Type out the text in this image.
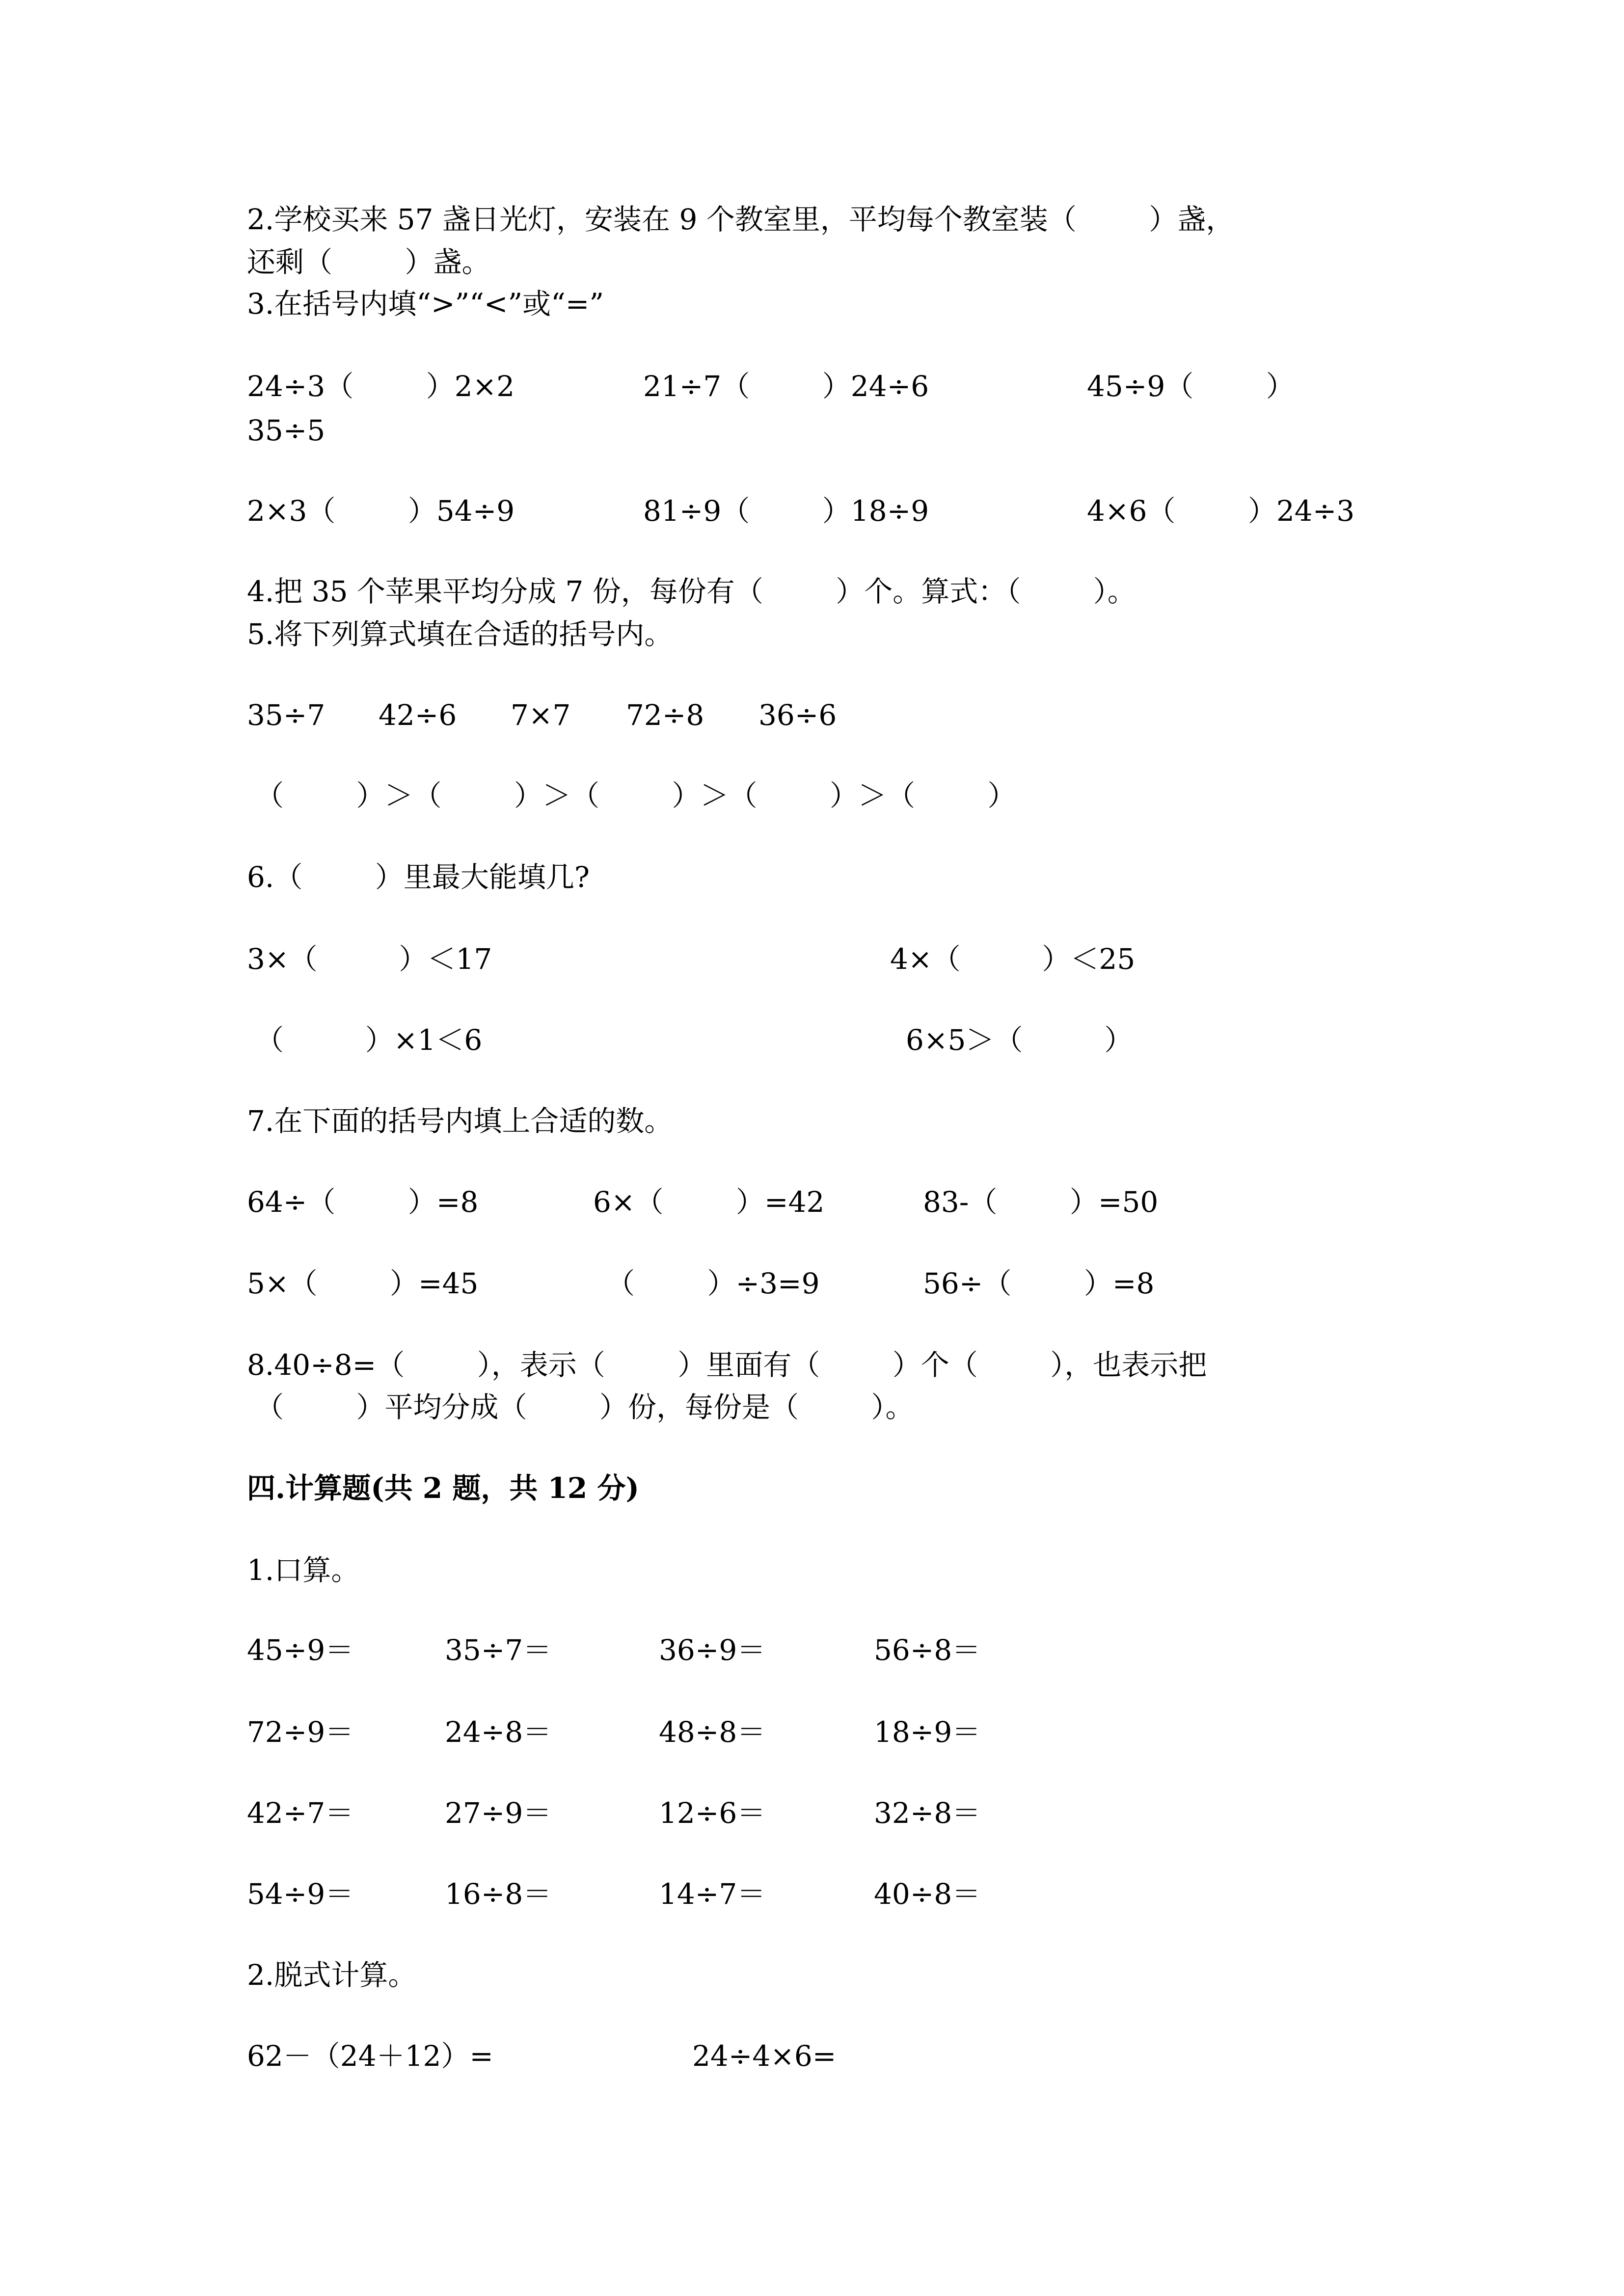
2.学校买来 57 盏日光灯，安装在 9 个教室里，平均每个教室装（        ）盏，
还剩（        ）盏。
3.在括号内填“>”“<”或“=”
24÷3（        ）2×2	21÷7（        ）24÷6	45÷9（        ）
35÷5
2×3（        ）54÷9	81÷9（        ）18÷9	4×6（        ）24÷3
4.把 35 个苹果平均分成 7 份，每份有（        ）个。算式：（        ）。
5.将下列算式填在合适的括号内。
35÷7 42÷6 7×7 72÷8 36÷6
（        ）＞（        ）＞（        ）＞（        ）＞（        ）
6.（        ）里最大能填几?
3×（         ）＜17	4×（         ）＜25
（         ）×1＜6	6×5＞（         ）
7.在下面的括号内填上合适的数。
64÷（        ）=8	6×（        ）=42	83-（        ）=50
5×（        ）=45	（        ）÷3=9	56÷（        ）=8
8.40÷8=（        ），表示（        ）里面有（        ）个（        ），也表示把
（        ）平均分成（        ）份，每份是（        ）。
四.计算题(共 2 题，共 12 分)
1.口算。
45÷9＝	35÷7＝	36÷9＝	56÷8＝
72÷9＝	24÷8＝	48÷8＝	18÷9＝
42÷7＝	27÷9＝	12÷6＝	32÷8＝
54÷9＝	16÷8＝	14÷7＝	40÷8＝
2.脱式计算。
62－（24＋12）=	24÷4×6=
